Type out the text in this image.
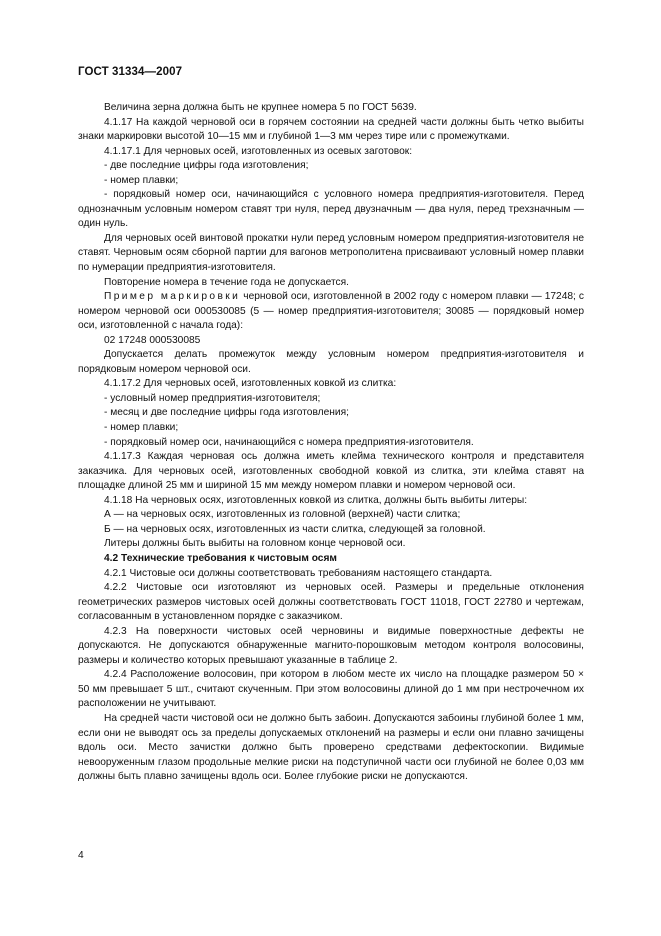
ГОСТ 31334—2007

Величина зерна должна быть не крупнее номера 5 по ГОСТ 5639.

4.1.17 На каждой черновой оси в горячем состоянии на средней части должны быть четко выбиты знаки маркировки высотой 10—15 мм и глубиной 1—3 мм через тире или с промежутками.

4.1.17.1 Для черновых осей, изготовленных из осевых заготовок:

- две последние цифры года изготовления;

- номер плавки;

- порядковый номер оси, начинающийся с условного номера предприятия-изготовителя. Перед однозначным условным номером ставят три нуля, перед двузначным — два нуля, перед трехзначным — один нуль.

Для черновых осей винтовой прокатки нули перед условным номером предприятия-изготовителя не ставят. Черновым осям сборной партии для вагонов метрополитена присваивают условный номер плавки по нумерации предприятия-изготовителя.

Повторение номера в течение года не допускается.

Пример маркировки черновой оси, изготовленной в 2002 году с номером плавки — 17248; с номером черновой оси 000530085 (5 — номер предприятия-изготовителя; 30085 — порядковый номер оси, изготовленной с начала года):

02 17248 000530085

Допускается делать промежуток между условным номером предприятия-изготовителя и порядковым номером черновой оси.

4.1.17.2 Для черновых осей, изготовленных ковкой из слитка:

- условный номер предприятия-изготовителя;

- месяц и две последние цифры года изготовления;

- номер плавки;

- порядковый номер оси, начинающийся с номера предприятия-изготовителя.

4.1.17.3 Каждая черновая ось должна иметь клейма технического контроля и представителя заказчика. Для черновых осей, изготовленных свободной ковкой из слитка, эти клейма ставят на площадке длиной 25 мм и шириной 15 мм между номером плавки и номером черновой оси.

4.1.18 На черновых осях, изготовленных ковкой из слитка, должны быть выбиты литеры:

А — на черновых осях, изготовленных из головной (верхней) части слитка;

Б — на черновых осях, изготовленных из части слитка, следующей за головной.

Литеры должны быть выбиты на головном конце черновой оси.

4.2 Технические требования к чистовым осям

4.2.1 Чистовые оси должны соответствовать требованиям настоящего стандарта.

4.2.2 Чистовые оси изготовляют из черновых осей. Размеры и предельные отклонения геометрических размеров чистовых осей должны соответствовать ГОСТ 11018, ГОСТ 22780 и чертежам, согласованным в установленном порядке с заказчиком.

4.2.3 На поверхности чистовых осей черновины и видимые поверхностные дефекты не допускаются. Не допускаются обнаруженные магнито-порошковым методом контроля волосовины, размеры и количество которых превышают указанные в таблице 2.

4.2.4 Расположение волосовин, при котором в любом месте их число на площадке размером 50 × 50 мм превышает 5 шт., считают скученным. При этом волосовины длиной до 1 мм при нестрочечном их расположении не учитывают.

На средней части чистовой оси не должно быть забоин. Допускаются забоины глубиной более 1 мм, если они не выводят ось за пределы допускаемых отклонений на размеры и если они плавно зачищены вдоль оси. Место зачистки должно быть проверено средствами дефектоскопии. Видимые невооруженным глазом продольные мелкие риски на подступичной части оси глубиной не более 0,03 мм должны быть плавно зачищены вдоль оси. Более глубокие риски не допускаются.

4
